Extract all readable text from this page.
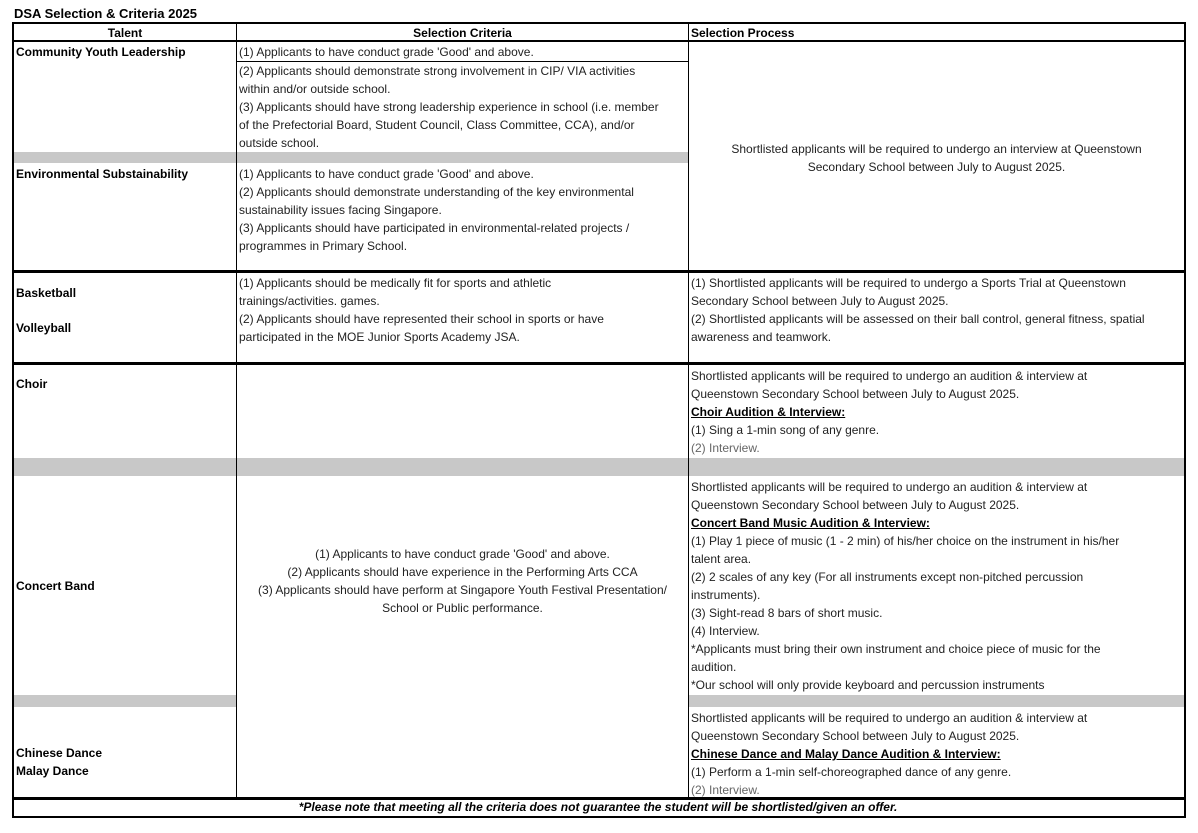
DSA Selection & Criteria 2025
Talent	Selection Criteria	Selection Process
Community Youth Leadership
Environmental Substainability
(1) Applicants to have conduct grade 'Good' and above.
(2) Applicants should demonstrate strong involvement in CIP/ VIA activities
within and/or outside school.
(3) Applicants should have strong leadership experience in school (i.e. member
of the Prefectorial Board, Student Council, Class Committee, CCA), and/or
outside school.
(1) Applicants to have conduct grade 'Good' and above.
(2) Applicants should demonstrate understanding of the key environmental
sustainability issues facing Singapore.
(3) Applicants should have participated in environmental-related projects /
programmes in Primary School.
Shortlisted applicants will be required to undergo an interview at Queenstown
Secondary School between July to August 2025.
Basketball
Volleyball
(1) Applicants should be medically fit for sports and athletic
trainings/activities. games.
(2) Applicants should have represented their school in sports or have
participated in the MOE Junior Sports Academy JSA.
(1) Shortlisted applicants will be required to undergo a Sports Trial at Queenstown
Secondary School between July to August 2025.
(2) Shortlisted applicants will be assessed on their ball control, general fitness, spatial
awareness and teamwork.
Choir
Concert Band
Chinese Dance
Malay Dance
(1) Applicants to have conduct grade 'Good' and above.
(2) Applicants should have experience in the Performing Arts CCA
(3) Applicants should have perform at Singapore Youth Festival Presentation/
School or Public performance.
Shortlisted applicants will be required to undergo an audition & interview at
Queenstown Secondary School between July to August 2025.
Choir Audition & Interview:
(1) Sing a 1-min song of any genre.
(2) Interview.
Shortlisted applicants will be required to undergo an audition & interview at
Queenstown Secondary School between July to August 2025.
Concert Band Music Audition & Interview:
(1) Play 1 piece of music (1 - 2 min) of his/her choice on the instrument in his/her
talent area.
(2) 2 scales of any key (For all instruments except non-pitched percussion
instruments).
(3) Sight-read 8 bars of short music.
(4) Interview.
*Applicants must bring their own instrument and choice piece of music for the
audition.
*Our school will only provide keyboard and percussion instruments
Shortlisted applicants will be required to undergo an audition & interview at
Queenstown Secondary School between July to August 2025.
Chinese Dance and Malay Dance Audition & Interview:
(1) Perform a 1-min self-choreographed dance of any genre.
(2) Interview.
*Please note that meeting all the criteria does not guarantee the student will be shortlisted/given an offer.
